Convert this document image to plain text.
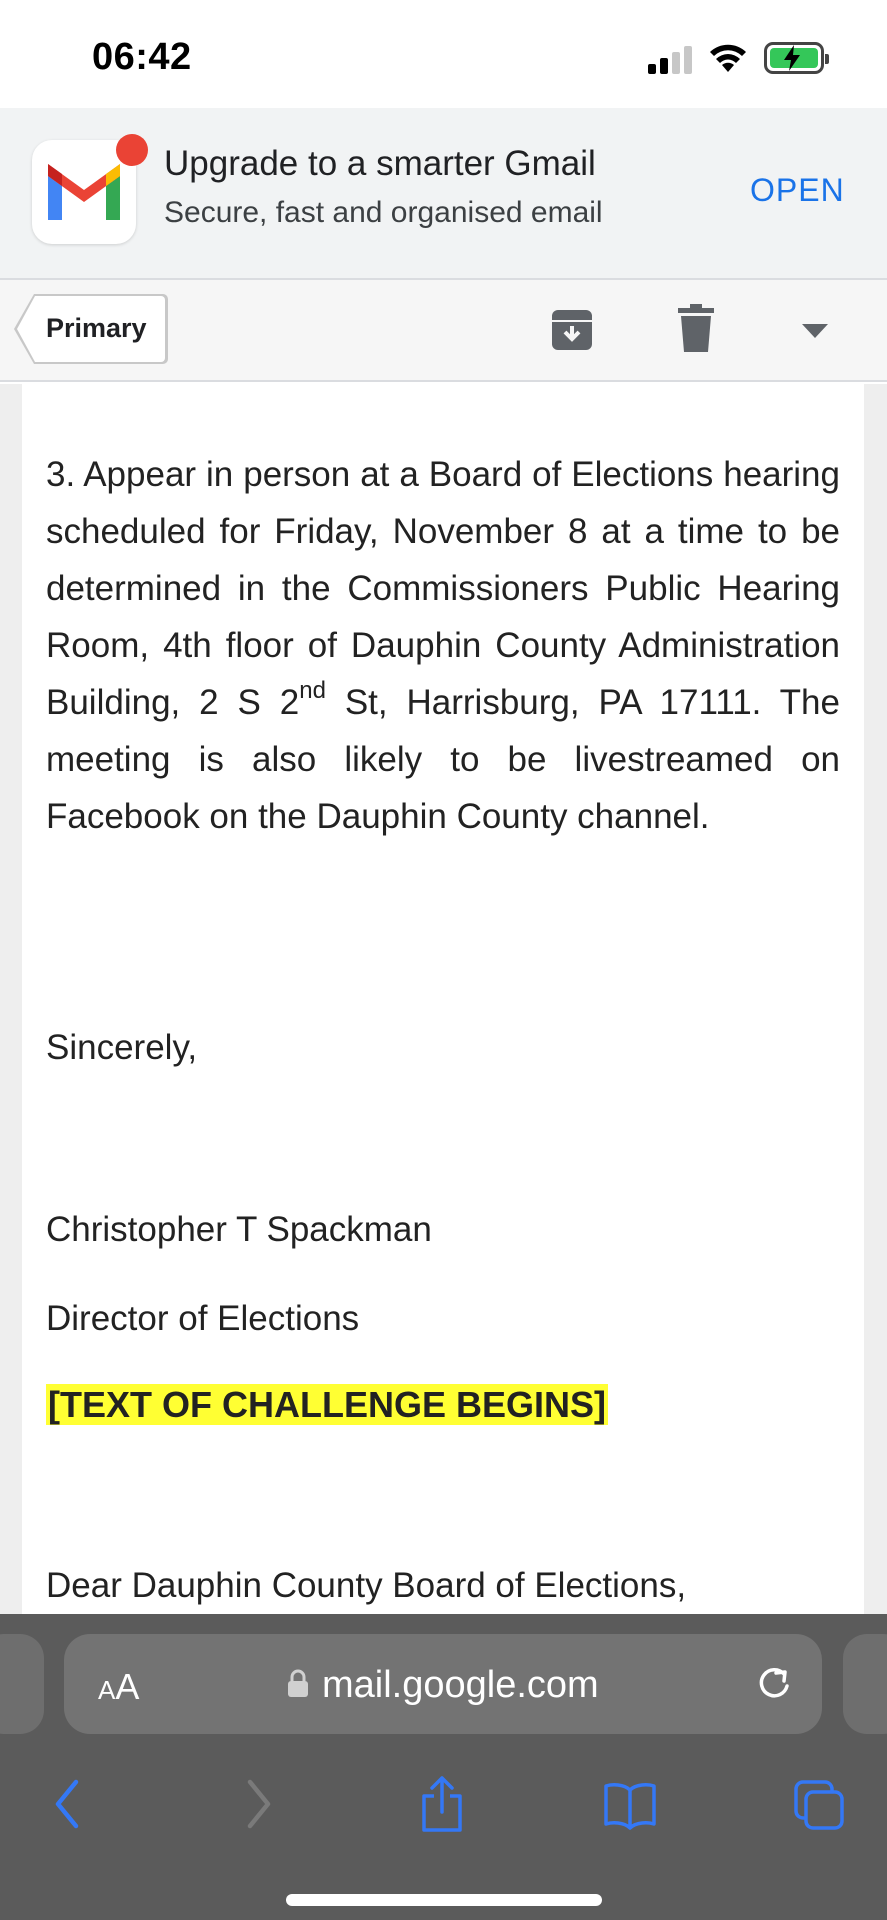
06:42
Upgrade to a smarter Gmail
Secure, fast and organised email
OPEN
Primary

3. Appear in person at a Board of Elections hearing scheduled for Friday, November 8 at a time to be determined in the Commissioners Public Hearing Room, 4th floor of Dauphin County Administration Building, 2 S 2nd St, Harrisburg, PA 17111. The meeting is also likely to be livestreamed on Facebook on the Dauphin County channel.

Sincerely,

Christopher T Spackman

Director of Elections

[TEXT OF CHALLENGE BEGINS]

Dear Dauphin County Board of Elections,

AA	mail.google.com
